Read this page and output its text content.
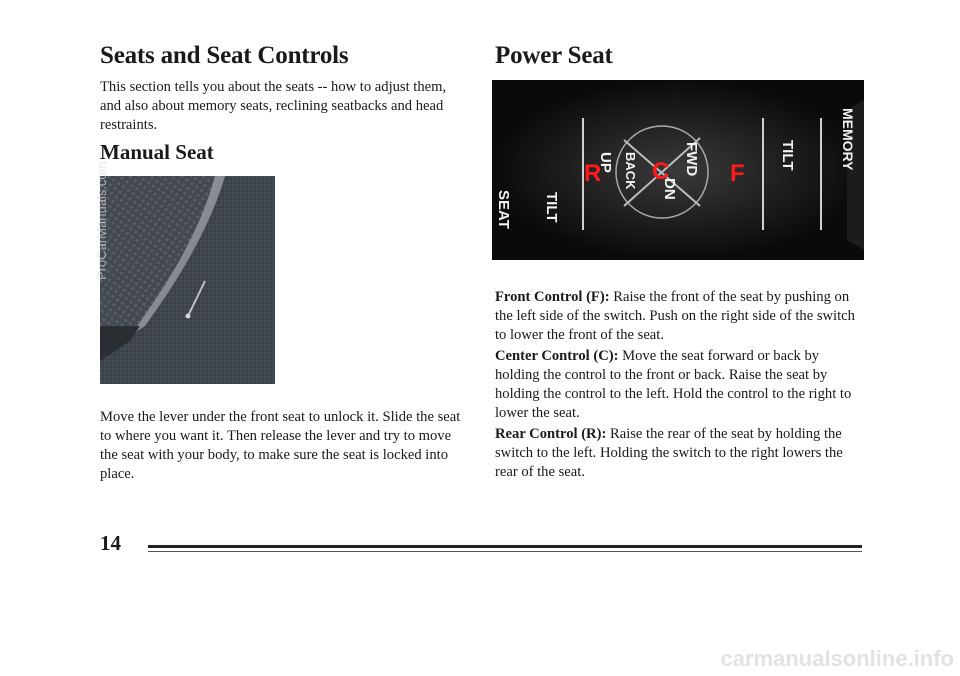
Seats and Seat Controls
This section tells you about the seats -- how to adjust them, and also about memory seats, reclining seatbacks and head restraints.
Manual Seat
Move the lever under the front seat to unlock it. Slide the seat to where you want it. Then release the lever and try to move the seat with your body, to make sure the seat is locked into place.
ProCarManuals.com
Power Seat
SEAT TILT
R
UP BACK C FWD
DN
F
TILT	MEMORY
Front Control (F): Raise the front of the seat by pushing on the left side of the switch. Push on the right side of the switch to lower the front of the seat.
Center Control (C): Move the seat forward or back by holding the control to the front or back. Raise the seat by holding the control to the left. Hold the control to the right to lower the seat.
Rear Control (R): Raise the rear of the seat by holding the switch to the left. Holding the switch to the right lowers the rear of the seat.
14
carmanualsonline.info
